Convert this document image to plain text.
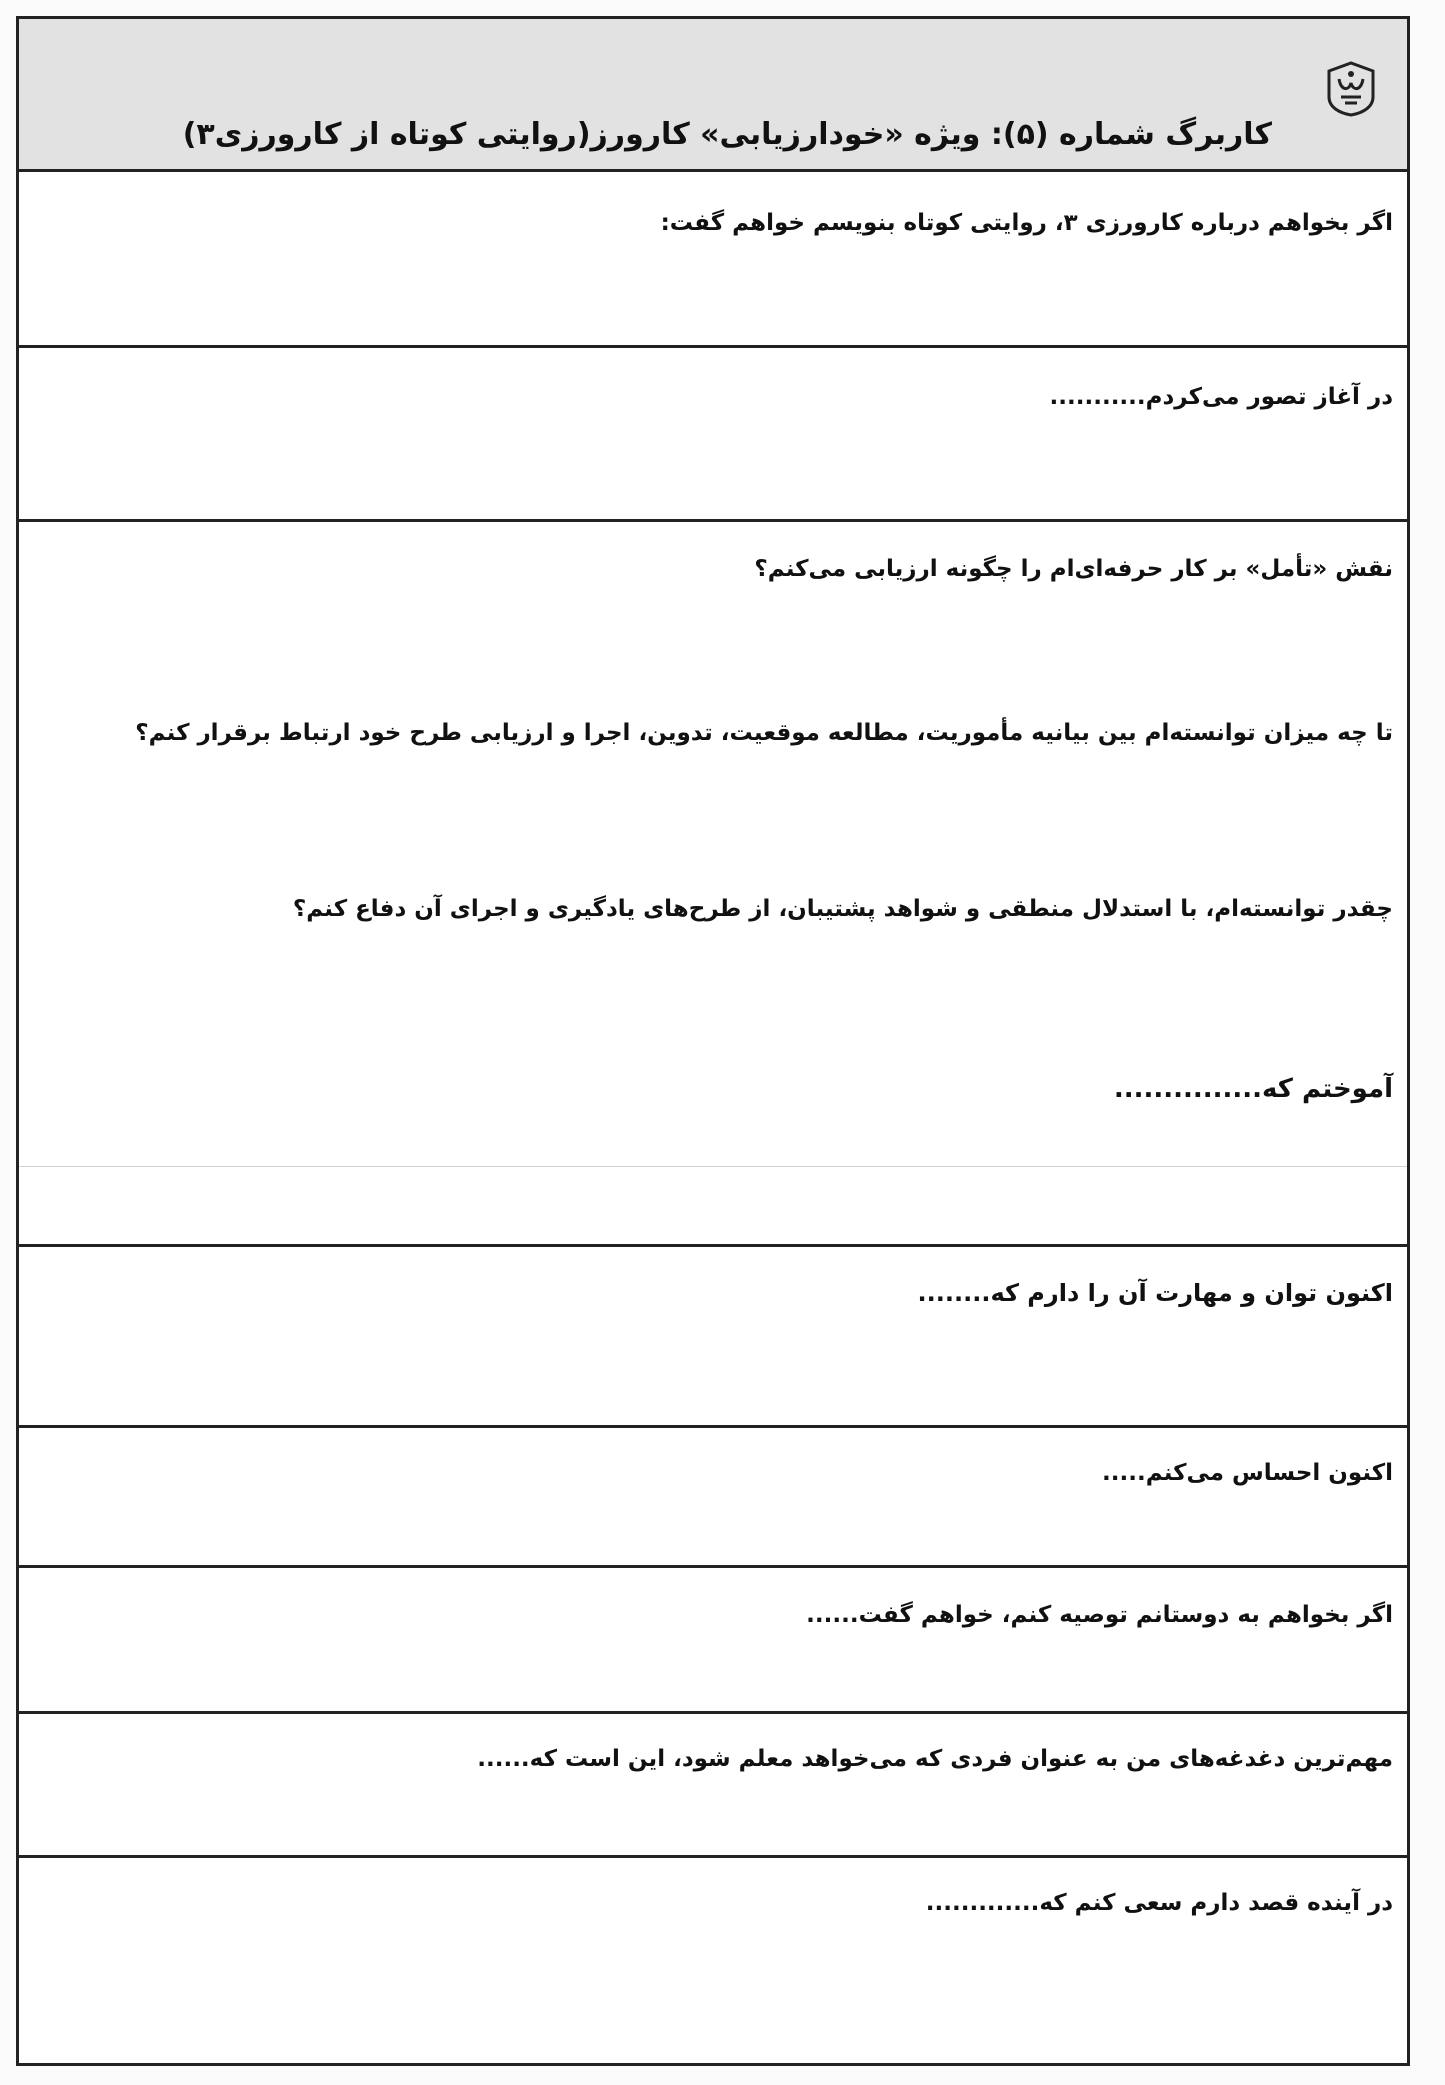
کاربرگ شماره (۵): ویژه «خودارزیابی» کارورز(روایتی کوتاه از کارورزی۳)
اگر بخواهم درباره کارورزی ۳، روایتی کوتاه بنویسم خواهم گفت:
در آغاز تصور می‌کردم...........
نقش «تأمل» بر کار حرفه‌ای‌ام را چگونه ارزیابی می‌کنم؟
تا چه میزان توانسته‌ام بین بیانیه مأموریت، مطالعه موقعیت، تدوین، اجرا و ارزیابی طرح خود ارتباط برقرار کنم؟
چقدر توانسته‌ام، با استدلال منطقی و شواهد پشتیبان، از طرح‌های یادگیری و اجرای آن دفاع کنم؟
آموختم که...............
اکنون توان و مهارت آن را دارم که........
اکنون احساس می‌کنم.....
اگر بخواهم به دوستانم توصیه کنم، خواهم گفت......
مهم‌ترین دغدغه‌های من به عنوان فردی که می‌خواهد معلم شود، این است که......
در آینده قصد دارم سعی کنم که.............
